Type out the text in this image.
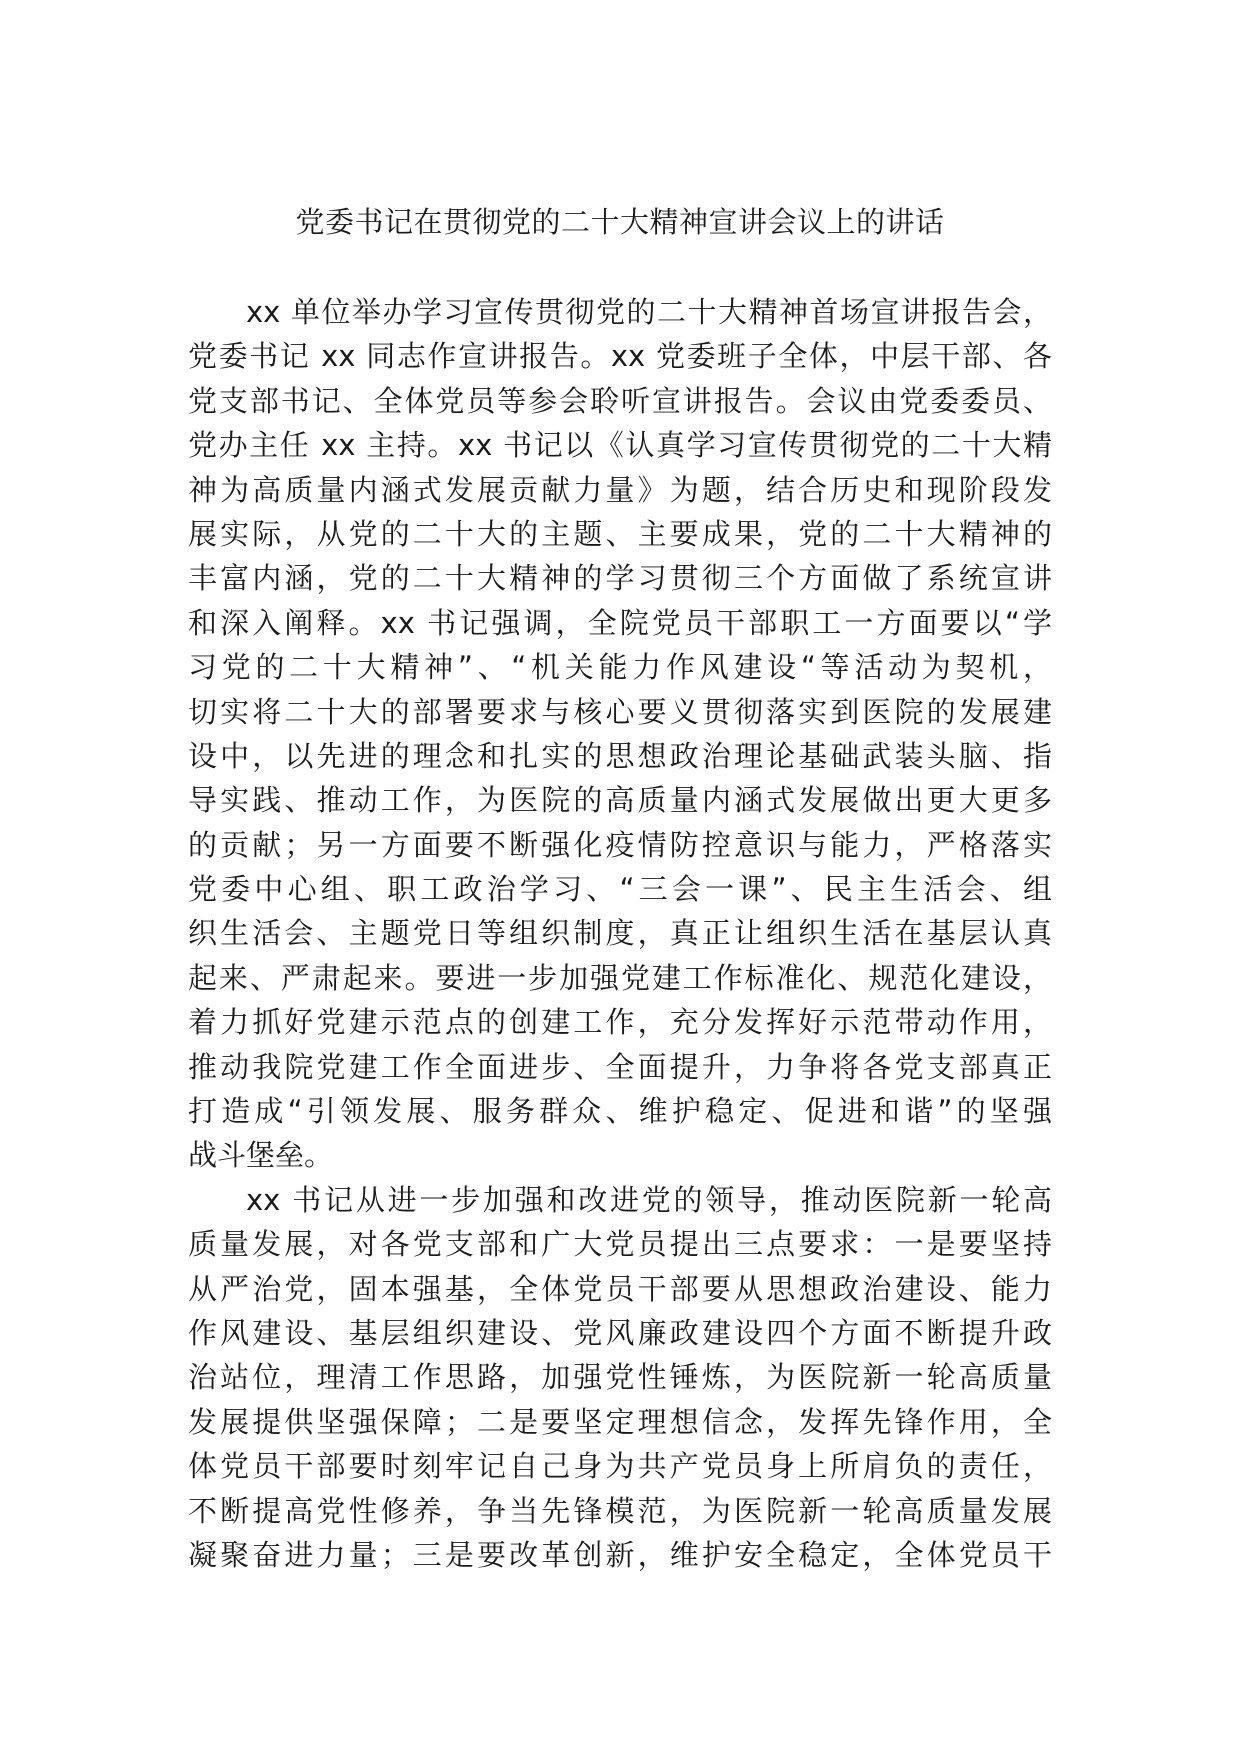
党委书记在贯彻党的二十大精神宣讲会议上的讲话
xx 单位举办学习宣传贯彻党的二十大精神首场宣讲报告会，
党委书记 xx 同志作宣讲报告。xx 党委班子全体，中层干部、各
党支部书记、全体党员等参会聆听宣讲报告。会议由党委委员、
党办主任 xx 主持。xx 书记以《认真学习宣传贯彻党的二十大精
神为高质量内涵式发展贡献力量》为题，结合历史和现阶段发
展实际，从党的二十大的主题、主要成果，党的二十大精神的
丰富内涵，党的二十大精神的学习贯彻三个方面做了系统宣讲
和深入阐释。xx 书记强调，全院党员干部职工一方面要以“学
习党的二十大精神”、“机关能力作风建设“等活动为契机，
切实将二十大的部署要求与核心要义贯彻落实到医院的发展建
设中，以先进的理念和扎实的思想政治理论基础武装头脑、指
导实践、推动工作，为医院的高质量内涵式发展做出更大更多
的贡献；另一方面要不断强化疫情防控意识与能力，严格落实
党委中心组、职工政治学习、“三会一课”、民主生活会、组
织生活会、主题党日等组织制度，真正让组织生活在基层认真
起来、严肃起来。要进一步加强党建工作标准化、规范化建设，
着力抓好党建示范点的创建工作，充分发挥好示范带动作用，
推动我院党建工作全面进步、全面提升，力争将各党支部真正
打造成“引领发展、服务群众、维护稳定、促进和谐”的坚强
战斗堡垒。
xx 书记从进一步加强和改进党的领导，推动医院新一轮高
质量发展，对各党支部和广大党员提出三点要求：一是要坚持
从严治党，固本强基，全体党员干部要从思想政治建设、能力
作风建设、基层组织建设、党风廉政建设四个方面不断提升政
治站位，理清工作思路，加强党性锤炼，为医院新一轮高质量
发展提供坚强保障；二是要坚定理想信念，发挥先锋作用，全
体党员干部要时刻牢记自己身为共产党员身上所肩负的责任，
不断提高党性修养，争当先锋模范，为医院新一轮高质量发展
凝聚奋进力量；三是要改革创新，维护安全稳定，全体党员干
